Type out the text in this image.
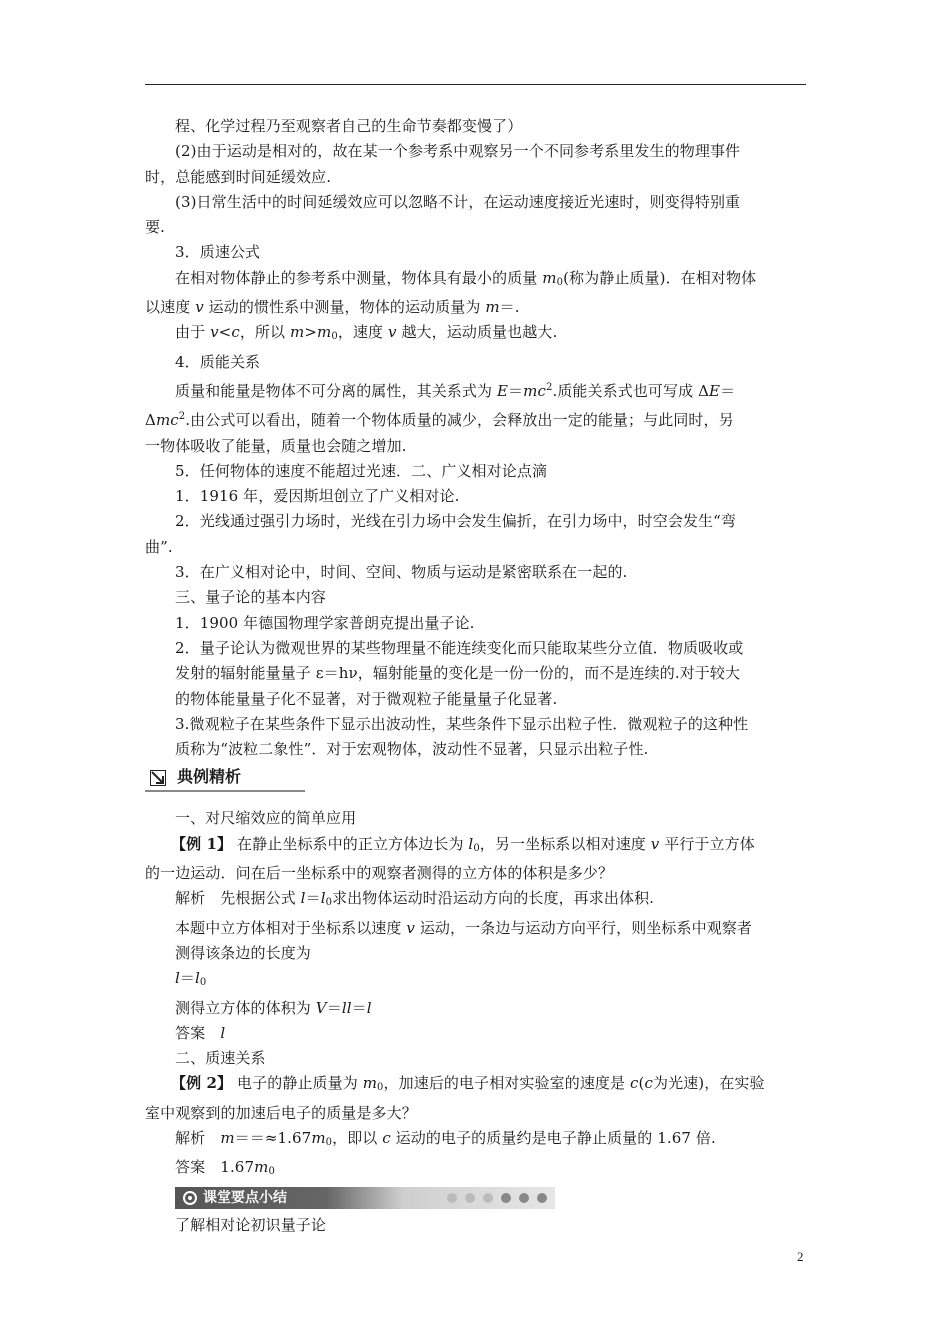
程、化学过程乃至观察者自己的生命节奏都变慢了）
(2)由于运动是相对的，故在某一个参考系中观察另一个不同参考系里发生的物理事件
时，总能感到时间延缓效应.
(3)日常生活中的时间延缓效应可以忽略不计，在运动速度接近光速时，则变得特别重
要.
3．质速公式
在相对物体静止的参考系中测量，物体具有最小的质量 $m_0$(称为静止质量)．在相对物体
以速度 v 运动的惯性系中测量，物体的运动质量为 m＝.
由于 v<c，所以 $m>m_0$，速度 v 越大，运动质量也越大.
4．质能关系
质量和能量是物体不可分离的属性，其关系式为 $E=mc^2$.质能关系式也可写成 ΔE＝
Δmc$^2$.由公式可以看出，随着一个物体质量的减少，会释放出一定的能量；与此同时，另
一物体吸收了能量，质量也会随之增加.
5．任何物体的速度不能超过光速．二、广义相对论点滴
1．1916 年，爱因斯坦创立了广义相对论.
2．光线通过强引力场时，光线在引力场中会发生偏折，在引力场中，时空会发生“弯
曲”.
3．在广义相对论中，时间、空间、物质与运动是紧密联系在一起的.
三、量子论的基本内容
1．1900 年德国物理学家普朗克提出量子论.
2．量子论认为微观世界的某些物理量不能连续变化而只能取某些分立值．物质吸收或
发射的辐射能量量子 ε＝hν，辐射能量的变化是一份一份的，而不是连续的.对于较大
的物体能量量子化不显著，对于微观粒子能量量子化显著.
3.微观粒子在某些条件下显示出波动性，某些条件下显示出粒子性．微观粒子的这种性
质称为“波粒二象性”．对于宏观物体，波动性不显著，只显示出粒子性.
典例精析
一、对尺缩效应的简单应用
【例 1】 在静止坐标系中的正立方体边长为 $l_0$，另一坐标系以相对速度 v 平行于立方体
的一边运动．问在后一坐标系中的观察者测得的立方体的体积是多少？
解析　先根据公式 $l=l_0$求出物体运动时沿运动方向的长度，再求出体积.
本题中立方体相对于坐标系以速度 v 运动，一条边与运动方向平行，则坐标系中观察者
测得该条边的长度为
$l=l_0$
测得立方体的体积为 V＝ll＝l
答案　l
二、质速关系
【例 2】 电子的静止质量为 $m_0$，加速后的电子相对实验室的速度是 c(c为光速)，在实验
室中观察到的加速后电子的质量是多大？
解析　$m==\approx 1.67m_0$，即以 c 运动的电子的质量约是电子静止质量的 1.67 倍.
答案　$1.67m_0$
课堂要点小结
了解相对论初识量子论
2
